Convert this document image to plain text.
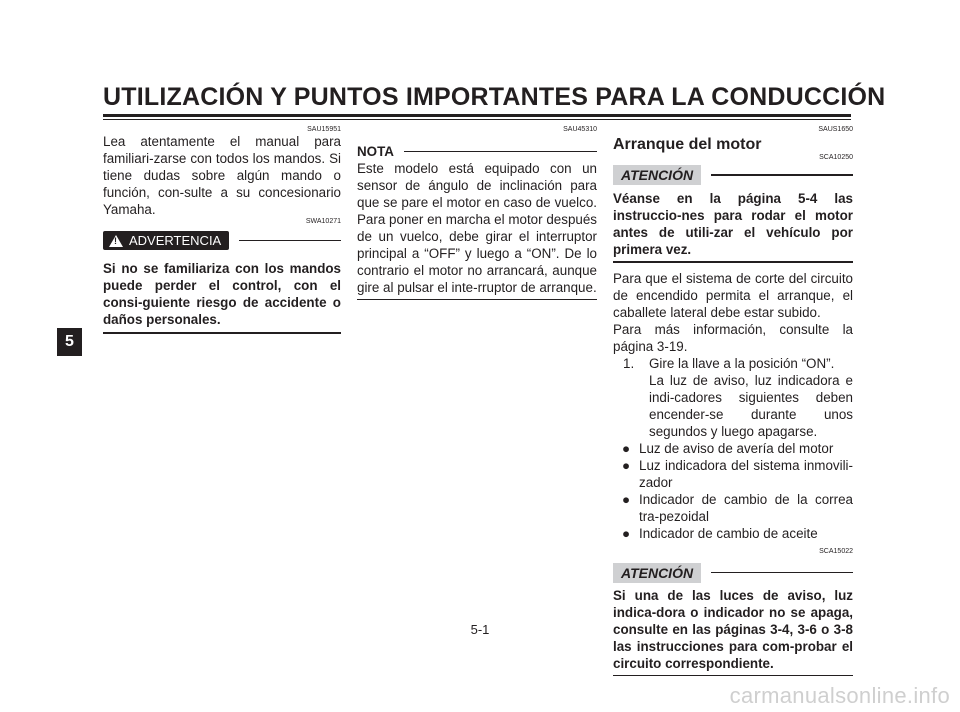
UTILIZACIÓN Y PUNTOS IMPORTANTES PARA LA CONDUCCIÓN
5
SAU15951
Lea atentamente el manual para familiari-zarse con todos los mandos. Si tiene dudas sobre algún mando o función, con-sulte a su concesionario Yamaha.
SWA10271
! ADVERTENCIA
Si no se familiariza con los mandos puede perder el control, con el consi-guiente riesgo de accidente o daños personales.
SAU45310
NOTA
Este modelo está equipado con un sensor de ángulo de inclinación para que se pare el motor en caso de vuelco. Para poner en marcha el motor después de un vuelco, debe girar el interruptor principal a “OFF” y luego a “ON”. De lo contrario el motor no arrancará, aunque gire al pulsar el inte-rruptor de arranque.
SAUS1650
Arranque del motor
SCA10250
ATENCIÓN
Véanse en la página 5-4 las instruccio-nes para rodar el motor antes de utili-zar el vehículo por primera vez.
Para que el sistema de corte del circuito de encendido permita el arranque, el caballete lateral debe estar subido.
Para más información, consulte la página 3-19.
1.	Gire la llave a la posición “ON”.
La luz de aviso, luz indicadora e indi-cadores siguientes deben encender-se durante unos segundos y luego apagarse.
● Luz de aviso de avería del motor
● Luz indicadora del sistema inmovili-zador
● Indicador de cambio de la correa tra-pezoidal
● Indicador de cambio de aceite
SCA15022
ATENCIÓN
Si una de las luces de aviso, luz indica-dora o indicador no se apaga, consulte en las páginas 3-4, 3-6 o 3-8 las instrucciones para com-probar el circuito correspondiente.
5-1
carmanualsonline.info
